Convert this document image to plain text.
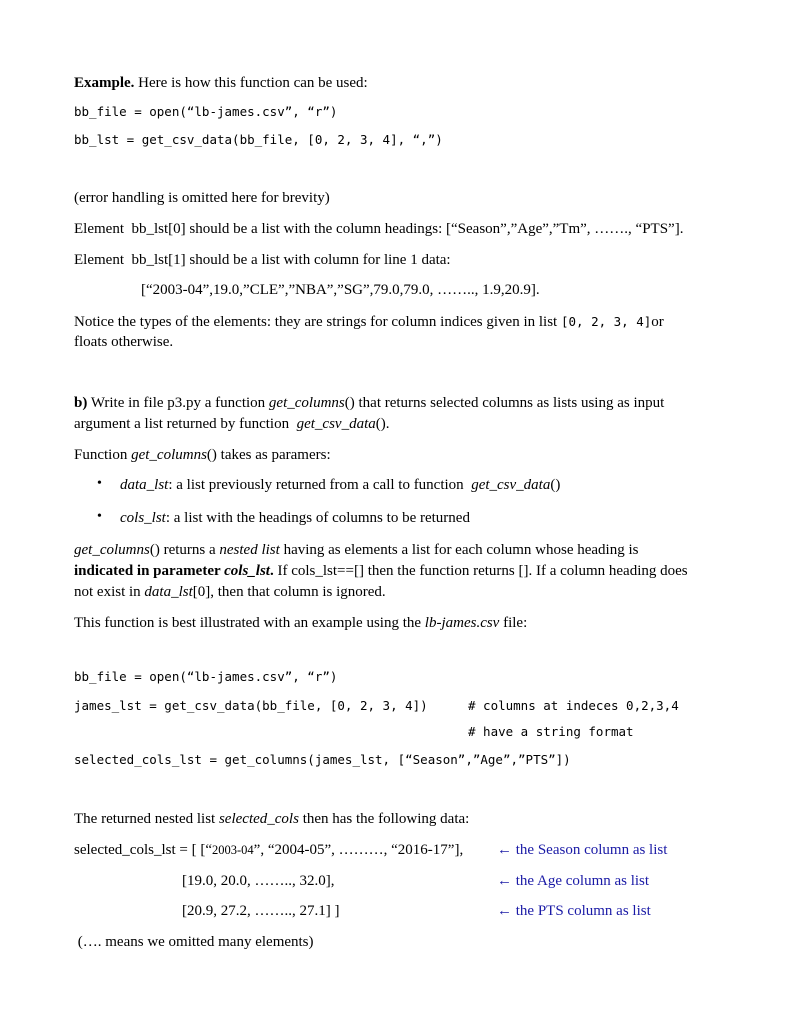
Example. Here is how this function can be used:
bb_file = open(“lb-james.csv”, “r”)
bb_lst = get_csv_data(bb_file, [0, 2, 3, 4], “,”)
(error handling is omitted here for brevity)
Element  bb_lst[0] should be a list with the column headings: [“Season”,”Age”,”Tm”, ……., “PTS”].
Element  bb_lst[1] should be a list with column for line 1 data:
[“2003-04”,19.0,”CLE”,”NBA”,”SG”,79.0,79.0, …….., 1.9,20.9].
Notice the types of the elements: they are strings for column indices given in list [0, 2, 3, 4]or
floats otherwise.
b) Write in file p3.py a function get_columns() that returns selected columns as lists using as input
argument a list returned by function  get_csv_data().
Function get_columns() takes as paramers:
• data_lst: a list previously returned from a call to function  get_csv_data()
• cols_lst: a list with the headings of columns to be returned
get_columns() returns a nested list having as elements a list for each column whose heading is
indicated in parameter cols_lst. If cols_lst==[] then the function returns []. If a column heading does
not exist in data_lst[0], then that column is ignored.
This function is best illustrated with an example using the lb-james.csv file:
bb_file = open(“lb-james.csv”, “r”)
james_lst = get_csv_data(bb_file, [0, 2, 3, 4])	# columns at indeces 0,2,3,4
# have a string format
selected_cols_lst = get_columns(james_lst, [“Season”,”Age”,”PTS”])
The returned nested list selected_cols then has the following data:
selected_cols_lst = [ [“2003-04”, “2004-05”, ………, “2016-17”], ← the Season column as list
[19.0, 20.0, …….., 32.0],	← the Age column as list
[20.9, 27.2, …….., 27.1] ]	← the PTS column as list
(…. means we omitted many elements)
